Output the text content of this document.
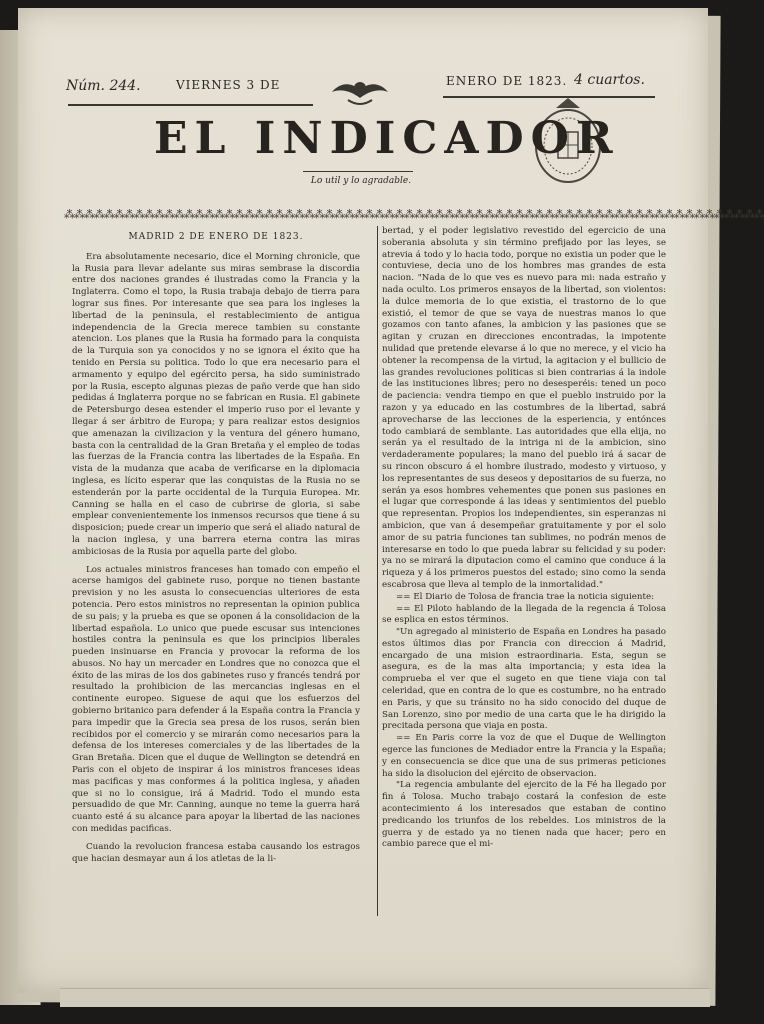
Núm. 244.	VIERNES 3 DE	ENERO DE 1823. 4 cuartos.
EL INDICADOR
Lo util y lo agradable.
⁂⁂⁂⁂⁂⁂⁂⁂⁂⁂⁂⁂⁂⁂⁂⁂⁂⁂⁂⁂⁂⁂⁂⁂⁂⁂⁂⁂⁂⁂⁂⁂⁂⁂⁂⁂⁂⁂⁂⁂⁂⁂⁂⁂⁂⁂⁂⁂⁂⁂⁂⁂⁂⁂⁂⁂⁂⁂⁂⁂⁂⁂⁂⁂⁂⁂⁂⁂⁂⁂

MADRID 2 DE ENERO DE 1823.

Era absolutamente necesario, dice el Morning chronicle, que la Rusia para llevar adelante sus miras sembrase la discordia entre dos naciones grandes é ilustradas como la Francia y la Inglaterra. Como el topo, la Rusia trabaja debajo de tierra para lograr sus fines. Por interesante que sea para los ingleses la libertad de la peninsula, el restablecimiento de antigua independencia de la Grecia merece tambien su constante atencion. Los planes que la Rusia ha formado para la conquista de la Turquia son ya conocidos y no se ignora el éxito que ha tenido en Persia su politica. Todo lo que era necesario para el armamento y equipo del egército persa, ha sido suministrado por la Rusia, escepto algunas piezas de paño verde que han sido pedidas á Inglaterra porque no se fabrican en Rusia. El gabinete de Petersburgo desea estender el imperio ruso por el levante y llegar á ser árbitro de Europa; y para realizar estos designios que amenazan la civilizacion y la ventura del género humano, basta con la centralidad de la Gran Bretaña y el empleo de todas las fuerzas de la Francia contra las libertades de la España. En vista de la mudanza que acaba de verificarse en la diplomacia inglesa, es lícito esperar que las conquistas de la Rusia no se estenderán por la parte occidental de la Turquia Europea. Mr. Canning se halla en el caso de cubrirse de gloria, si sabe emplear convenientemente los inmensos recursos que tiene á su disposicion; puede crear un imperio que será el aliado natural de la nacion inglesa, y una barrera eterna contra las miras ambiciosas de la Rusia por aquella parte del globo.

Los actuales ministros franceses han tomado con empeño el acerse hamigos del gabinete ruso, porque no tienen bastante prevision y no les asusta lo consecuencias ulteriores de esta potencia. Pero estos ministros no representan la opinion publica de su pais; y la prueba es que se oponen á la consolidacion de la libertad española. Lo unico que puede escusar sus intenciones hostiles contra la peninsula es que los principios liberales pueden insinuarse en Francia y provocar la reforma de los abusos. No hay un mercader en Londres que no conozca que el éxito de las miras de los dos gabinetes ruso y francés tendrá por resultado la prohibicion de las mercancias inglesas en el continente europeo. Siguese de aqui que los esfuerzos del gobierno britanico para defender á la España contra la Francia y para impedir que la Grecia sea presa de los rusos, serán bien recibidos por el comercio y se mirarán como necesarios para la defensa de los intereses comerciales y de las libertades de la Gran Bretaña. Dicen que el duque de Wellington se detendrá en Paris con el objeto de inspirar á los ministros franceses ideas mas pacificas y mas conformes á la politica inglesa, y añaden que si no lo consigue, irá á Madrid. Todo el mundo esta persuadido de que Mr. Canning, aunque no teme la guerra hará cuanto esté á su alcance para apoyar la libertad de las naciones con medidas pacificas.

Cuando la revolucion francesa estaba causando los estragos que hacian desmayar aun á los atletas de la li-

bertad, y el poder legislativo revestido del egercicio de una soberania absoluta y sin término prefijado por las leyes, se atrevia á todo y lo hacia todo, porque no existia un poder que le contuviese, decia uno de los hombres mas grandes de esta nacion. "Nada de lo que ves es nuevo para mi: nada estraño y nada oculto. Los primeros ensayos de la libertad, son violentos: la dulce memoria de lo que existia, el trastorno de lo que existió, el temor de que se vaya de nuestras manos lo que gozamos con tanto afanes, la ambicion y las pasiones que se agitan y cruzan en direcciones encontradas, la impotente nulidad que pretende elevarse á lo que no merece, y el vicio ha obtener la recompensa de la virtud, la agitacion y el bullicio de las grandes revoluciones politicas si bien contrarias á la indole de las instituciones libres; pero no desesperéis: tened un poco de paciencia: vendra tiempo en que el pueblo instruido por la razon y ya educado en las costumbres de la libertad, sabrá aprovecharse de las lecciones de la esperiencia, y entónces todo cambiará de semblante. Las autoridades que ella elija, no serán ya el resultado de la intriga ni de la ambicion, sino verdaderamente populares; la mano del pueblo irá á sacar de su rincon obscuro á el hombre ilustrado, modesto y virtuoso, y los representantes de sus deseos y depositarios de su fuerza, no serán ya esos hombres vehementes que ponen sus pasiones en el lugar que corresponde á las ideas y sentimientos del pueblo que representan. Propios los independientes, sin esperanzas ni ambicion, que van á desempeñar gratuitamente y por el solo amor de su patria funciones tan sublimes, no podrán menos de interesarse en todo lo que pueda labrar su felicidad y su poder: ya no se mirará la diputacion como el camino que conduce á la riqueza y á los primeros puestos del estado; sino como la senda escabrosa que lleva al templo de la inmortalidad."

== El Diario de Tolosa de francia trae la noticia siguiente:

== El Piloto hablando de la llegada de la regencia á Tolosa se esplica en estos términos.

"Un agregado al ministerio de España en Londres ha pasado estos últimos dias por Francia con direccion á Madrid, encargado de una mision estraordinaria. Esta, segun se asegura, es de la mas alta importancia; y esta idea la comprueba el ver que el sugeto en que tiene viaja con tal celeridad, que en contra de lo que es costumbre, no ha entrado en Paris, y que su tránsito no ha sido conocido del duque de San Lorenzo, sino por medio de una carta que le ha dirigido la precitada persona que viaja en posta.

== En Paris corre la voz de que el Duque de Wellington egerce las funciones de Mediador entre la Francia y la España; y en consecuencia se dice que una de sus primeras peticiones ha sido la disolucion del ejército de observacion.

"La regencia ambulante del ejercito de la Fé ha llegado por fin á Tolosa. Mucho trabajo costará la confesion de este acontecimiento á los interesados que estaban de contino predicando los triunfos de los rebeldes. Los ministros de la guerra y de estado ya no tienen nada que hacer; pero en cambio parece que el mi-
